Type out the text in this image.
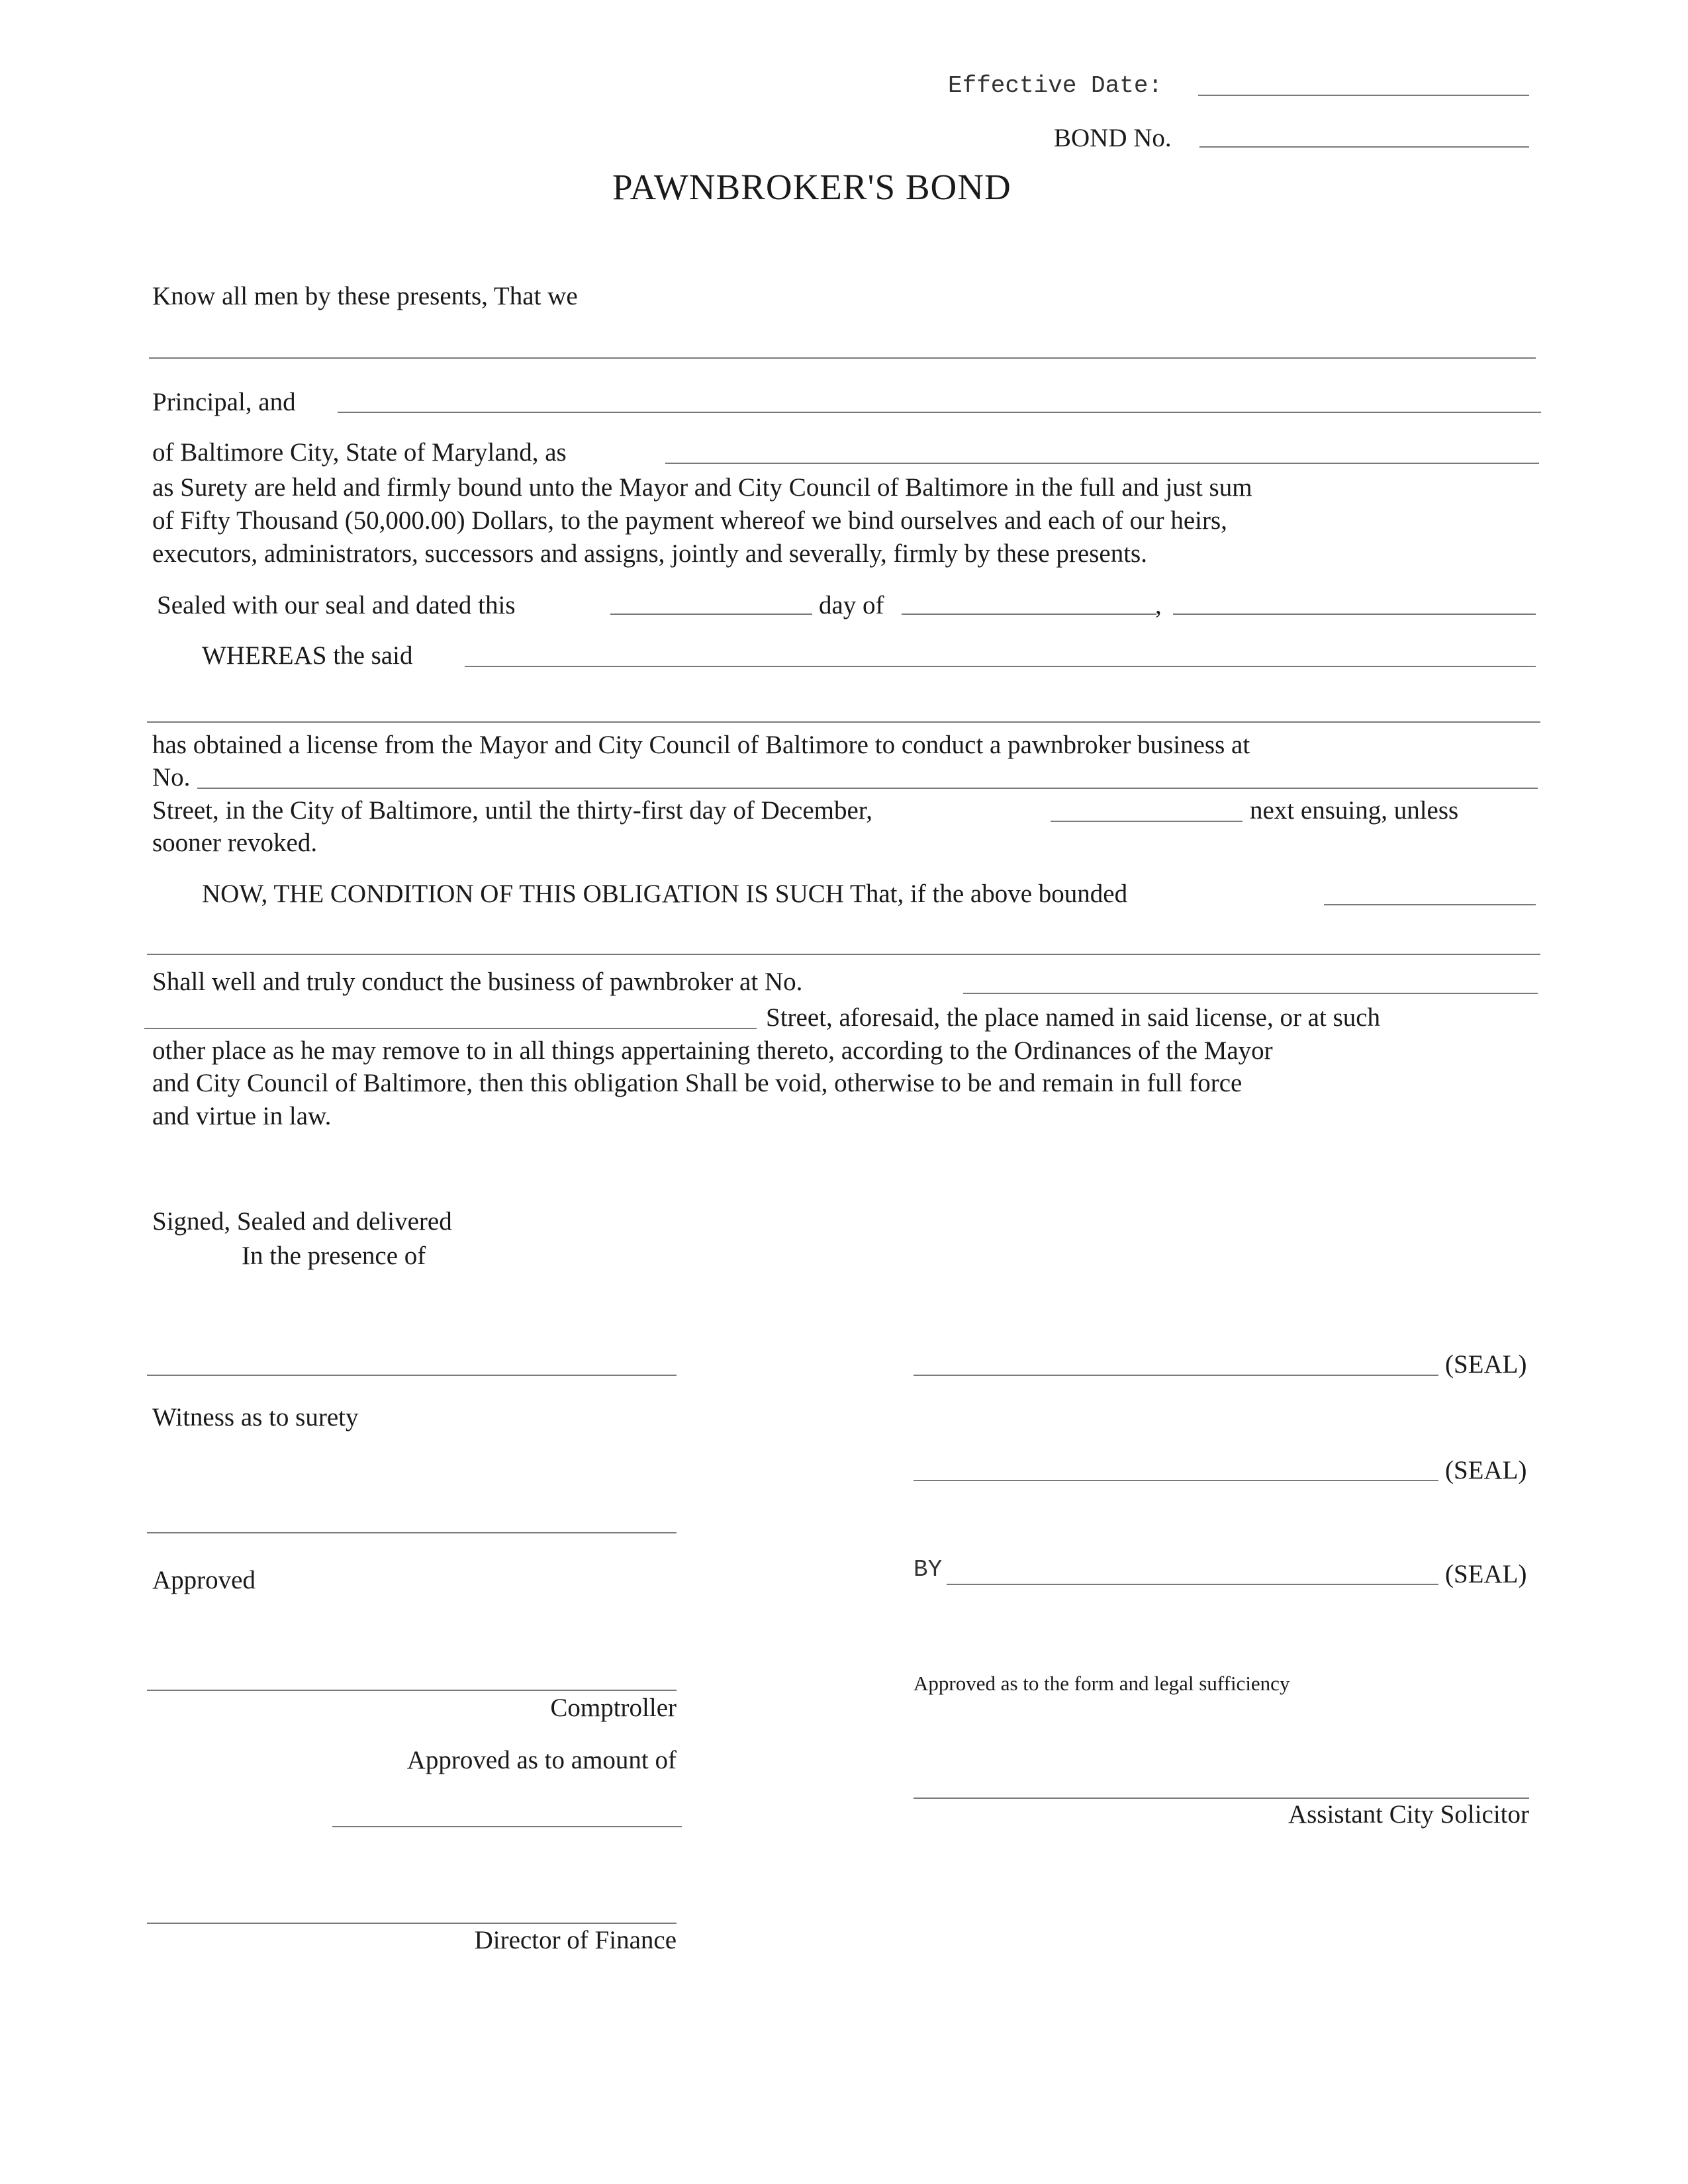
Effective Date:
BOND No.
PAWNBROKER'S BOND
Know all men by these presents, That we
Principal, and
of Baltimore City, State of Maryland, as
as Surety are held and firmly bound unto the Mayor and City Council of Baltimore in the full and just sum
of Fifty Thousand (50,000.00) Dollars, to the payment whereof we bind ourselves and each of our heirs,
executors, administrators, successors and assigns, jointly and severally, firmly by these presents.
Sealed with our seal and dated this	day of	,
WHEREAS the said
has obtained a license from the Mayor and City Council of Baltimore to conduct a pawnbroker business at
No.
Street, in the City of Baltimore, until the thirty-first day of December,	next ensuing, unless
sooner revoked.
NOW, THE CONDITION OF THIS OBLIGATION IS SUCH That, if the above bounded
Shall well and truly conduct the business of pawnbroker at No.
Street, aforesaid, the place named in said license, or at such
other place as he may remove to in all things appertaining thereto, according to the Ordinances of the Mayor
and City Council of Baltimore, then this obligation Shall be void, otherwise to be and remain in full force
and virtue in law.
Signed, Sealed and delivered
In the presence of
(SEAL)
Witness as to surety
(SEAL)
Approved	BY	(SEAL)
Comptroller
Approved as to the form and legal sufficiency
Approved as to amount of
Assistant City Solicitor
Director of Finance
